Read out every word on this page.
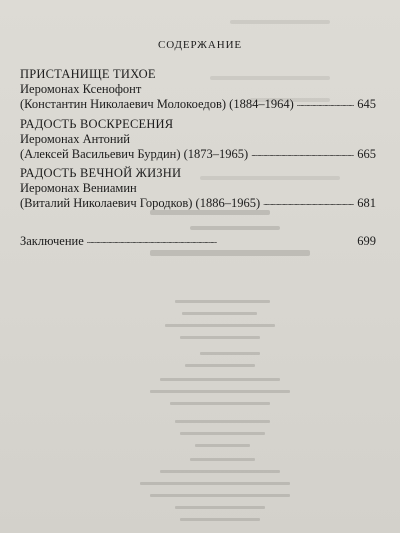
СОДЕРЖАНИЕ
ПРИСТАНИЩЕ ТИХОЕ
Иеромонах Ксенофонт
(Константин Николаевич Молокоедов) (1884–1964) . . .	645
РАДОСТЬ ВОСКРЕСЕНИЯ
Иеромонах Антоний
(Алексей Васильевич Бурдин) (1873–1965) . . .	665
РАДОСТЬ ВЕЧНОЙ ЖИЗНИ
Иеромонах Вениамин
(Виталий Николаевич Городков) (1886–1965) . . .	681
Заключение . . .	699
